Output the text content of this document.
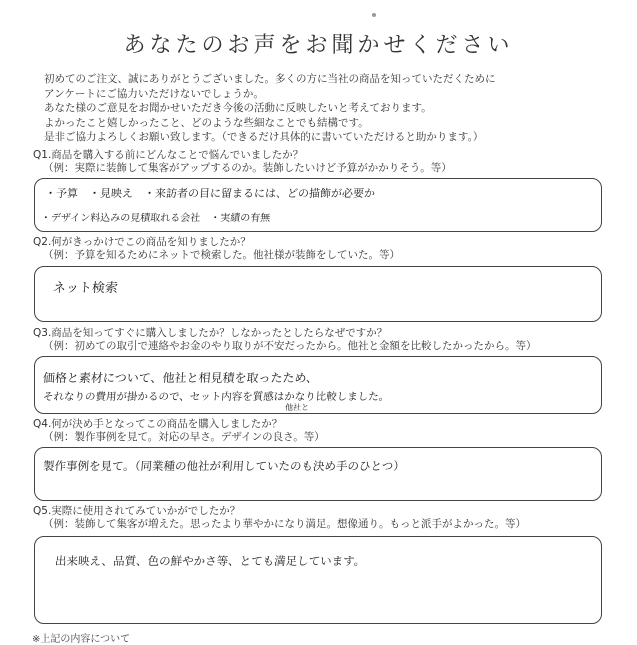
あなたのお声をお聞かせください
初めてのご注文、誠にありがとうございました。多くの方に当社の商品を知っていただくために
アンケートにご協力いただけないでしょうか。
あなた様のご意見をお聞かせいただき今後の活動に反映したいと考えております。
よかったこと嬉しかったこと、どのような些細なことでも結構です。
是非ご協力よろしくお願い致します。（できるだけ具体的に書いていただけると助かります。）
Q1.商品を購入する前にどんなことで悩んでいましたか？
（例：実際に装飾して集客がアップするのか。装飾したいけど予算がかかりそう。等）
・予算　・見映え　・来訪者の目に留まるには、どの描飾が必要か
・デザイン料込みの見積取れる会社　・実績の有無
Q2.何がきっかけでこの商品を知りましたか？
（例：予算を知るためにネットで検索した。他社様が装飾をしていた。等）
ネット検索
Q3.商品を知ってすぐに購入しましたか？しなかったとしたらなぜですか？
（例：初めての取引で連絡やお金のやり取りが不安だったから。他社と金額を比較したかったから。等）
価格と素材について、他社と相見積を取ったため、
それなりの費用が掛かるので、セット内容を質感はかなり比較しました。
他社と
Q4.何が決め手となってこの商品を購入しましたか？
（例：製作事例を見て。対応の早さ。デザインの良さ。等）
製作事例を見て。（同業種の他社が利用していたのも決め手のひとつ）
Q5.実際に使用されてみていかがでしたか？
（例：装飾して集客が増えた。思ったより華やかになり満足。想像通り。もっと派手がよかった。等）
出来映え、品質、色の鮮やかさ等、とても満足しています。
※上記の内容について　　　　　　　　
